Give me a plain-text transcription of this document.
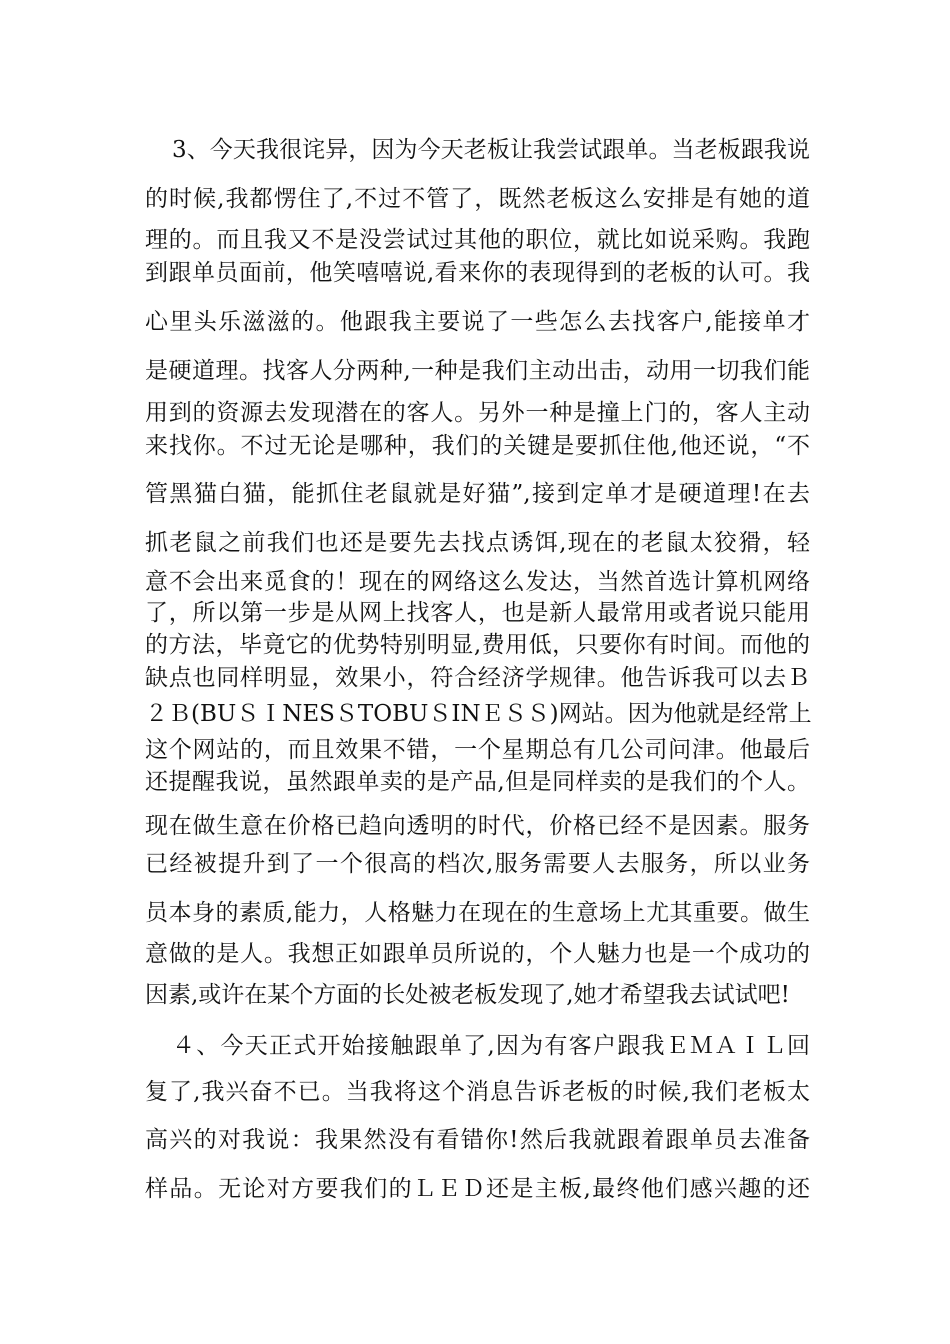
3、今天我很诧异，因为今天老板让我尝试跟单。当老板跟我说

的时候,我都愣住了,不过不管了，既然老板这么安排是有她的道

理的。而且我又不是没尝试过其他的职位，就比如说采购。我跑

到跟单员面前，他笑嘻嘻说,看来你的表现得到的老板的认可。我

心里头乐滋滋的。他跟我主要说了一些怎么去找客户,能接单才

是硬道理。找客人分两种,一种是我们主动出击，动用一切我们能

用到的资源去发现潜在的客人。另外一种是撞上门的，客人主动

来找你。不过无论是哪种，我们的关键是要抓住他,他还说，“不

管黑猫白猫，能抓住老鼠就是好猫”,接到定单才是硬道理!在去

抓老鼠之前我们也还是要先去找点诱饵,现在的老鼠太狡猾，轻

意不会出来觅食的！现在的网络这么发达，当然首选计算机网络

了，所以第一步是从网上找客人，也是新人最常用或者说只能用

的方法，毕竟它的优势特别明显,费用低，只要你有时间。而他的

缺点也同样明显，效果小，符合经济学规律。他告诉我可以去Ｂ

２Ｂ(BUＳＩNESＳTOBUＳINＥＳＳ)网站。因为他就是经常上

这个网站的，而且效果不错，一个星期总有几公司问津。他最后

还提醒我说，虽然跟单卖的是产品,但是同样卖的是我们的个人。

现在做生意在价格已趋向透明的时代，价格已经不是因素。服务

已经被提升到了一个很高的档次,服务需要人去服务，所以业务

员本身的素质,能力，人格魅力在现在的生意场上尤其重要。做生

意做的是人。我想正如跟单员所说的，个人魅力也是一个成功的

因素,或许在某个方面的长处被老板发现了,她才希望我去试试吧!

４、今天正式开始接触跟单了,因为有客户跟我ＥＭＡＩＬ回

复了,我兴奋不已。当我将这个消息告诉老板的时候,我们老板太

高兴的对我说：我果然没有看错你!然后我就跟着跟单员去准备

样品。无论对方要我们的ＬＥＤ还是主板,最终他们感兴趣的还
